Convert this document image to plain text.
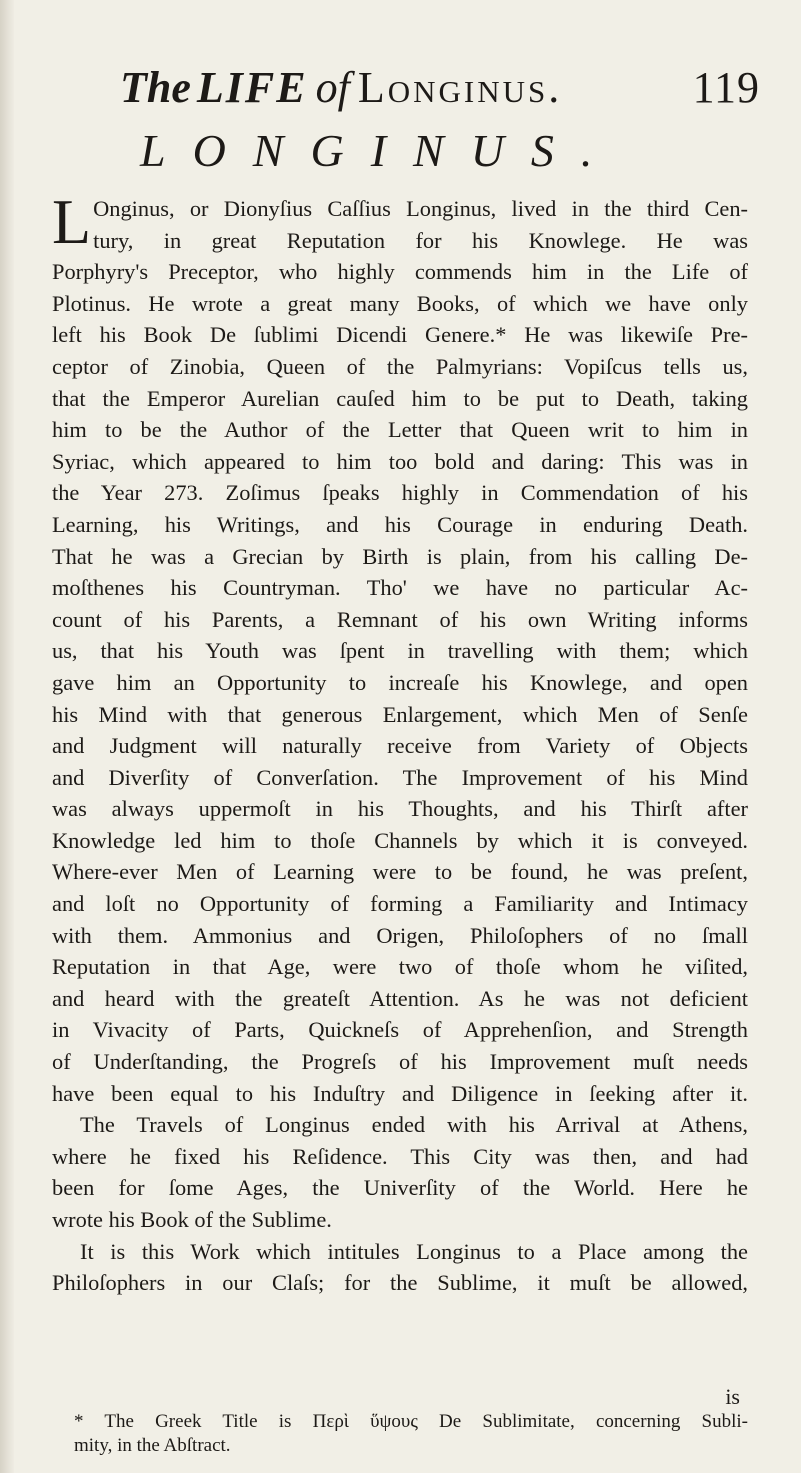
The LIFE of Longinus.	119
LONGINUS.
L Onginus, or Dionyſius Caſſius Longinus, lived in the third Cen-
tury, in great Reputation for his Knowlege. He was
Porphyry's Preceptor, who highly commends him in the Life of
Plotinus. He wrote a great many Books, of which we have only
left his Book De ſublimi Dicendi Genere.* He was likewiſe Pre-
ceptor of Zinobia, Queen of the Palmyrians: Vopiſcus tells us,
that the Emperor Aurelian cauſed him to be put to Death, taking
him to be the Author of the Letter that Queen writ to him in
Syriac, which appeared to him too bold and daring: This was in
the Year 273. Zoſimus ſpeaks highly in Commendation of his
Learning, his Writings, and his Courage in enduring Death.
That he was a Grecian by Birth is plain, from his calling De-
moſthenes his Countryman. Tho' we have no particular Ac-
count of his Parents, a Remnant of his own Writing informs
us, that his Youth was ſpent in travelling with them; which
gave him an Opportunity to increaſe his Knowlege, and open
his Mind with that generous Enlargement, which Men of Senſe
and Judgment will naturally receive from Variety of Objects
and Diverſity of Converſation. The Improvement of his Mind
was always uppermoſt in his Thoughts, and his Thirſt after
Knowledge led him to thoſe Channels by which it is conveyed.
Where-ever Men of Learning were to be found, he was preſent,
and loſt no Opportunity of forming a Familiarity and Intimacy
with them. Ammonius and Origen, Philoſophers of no ſmall
Reputation in that Age, were two of thoſe whom he viſited,
and heard with the greateſt Attention. As he was not deficient
in Vivacity of Parts, Quickneſs of Apprehenſion, and Strength
of Underſtanding, the Progreſs of his Improvement muſt needs
have been equal to his Induſtry and Diligence in ſeeking after it.
The Travels of Longinus ended with his Arrival at Athens,
where he fixed his Reſidence. This City was then, and had
been for ſome Ages, the Univerſity of the World. Here he
wrote his Book of the Sublime.
It is this Work which intitules Longinus to a Place among the
Philoſophers in our Claſs; for the Sublime, it muſt be allowed,
is
* The Greek Title is Περὶ ὕψους De Sublimitate, concerning Subli-
mity, in the Abſtract.
